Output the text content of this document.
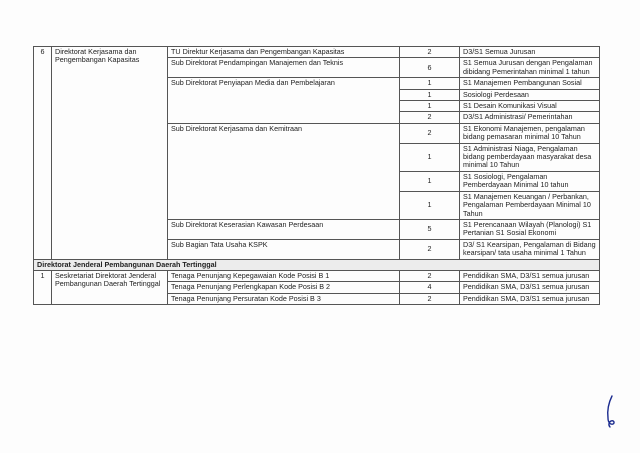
6	Direktorat Kerjasama dan Pengembangan Kapasitas	TU Direktur Kerjasama dan Pengembangan Kapasitas	2	D3/S1 Semua Jurusan
		Sub Direktorat Pendampingan Manajemen dan Teknis	6	S1 Semua Jurusan dengan Pengalaman dibidang Pemerintahan minimal 1 tahun
		Sub Direktorat Penyiapan Media dan Pembelajaran	1	S1 Manajemen Pembangunan Sosial
			1	Sosiologi Perdesaan
			1	S1 Desain Komunikasi Visual
			2	D3/S1 Administrasi/ Pemerintahan
		Sub Direktorat Kerjasama dan Kemitraan	2	S1 Ekonomi Manajemen, pengalaman bidang pemasaran minimal 10 Tahun
			1	S1 Administrasi Niaga, Pengalaman bidang pemberdayaan masyarakat desa minimal 10 Tahun
			1	S1 Sosiologi, Pengalaman Pemberdayaan Minimal 10 tahun
			1	S1 Manajemen Keuangan / Perbankan, Pengalaman Pemberdayaan Minimal 10 Tahun
		Sub Direktorat Keserasian Kawasan Perdesaan	5	S1 Perencanaan Wilayah (Planologi) S1 Pertanian S1 Sosial Ekonomi
		Sub Bagian Tata Usaha KSPK	2	D3/ S1 Kearsipan, Pengalaman di Bidang kearsipan/ tata usaha minimal 1 Tahun
Direktorat Jenderal Pembangunan Daerah Tertinggal				
1	Seskretariat Direktorat Jenderal Pembangunan Daerah Tertinggal	Tenaga Penunjang Kepegawaian Kode Posisi B 1	2	Pendidikan SMA, D3/S1 semua jurusan
		Tenaga Penunjang Perlengkapan Kode Posisi B 2	4	Pendidikan SMA, D3/S1 semua jurusan
		Tenaga Penunjang Persuratan Kode Posisi B 3	2	Pendidikan SMA, D3/S1 semua jurusan
